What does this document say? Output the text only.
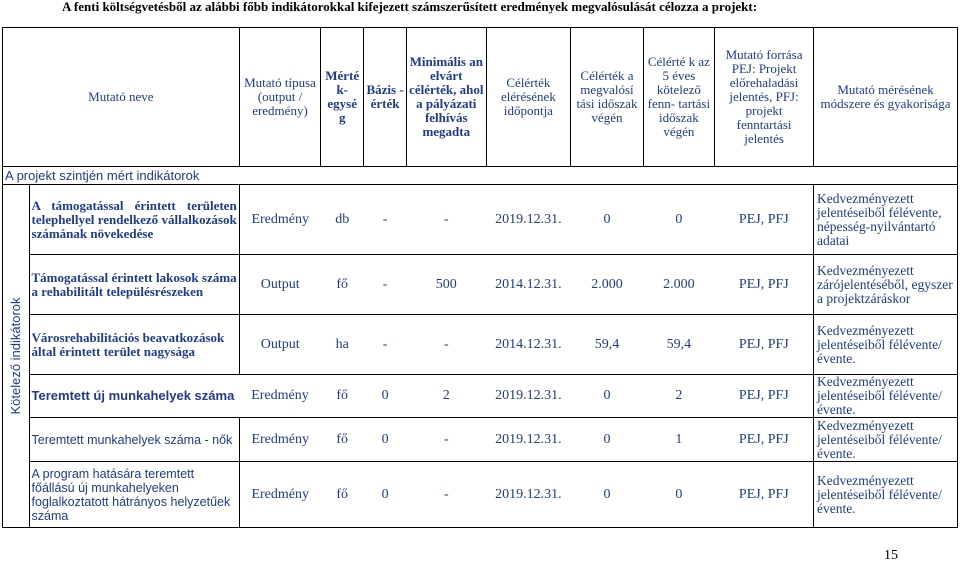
A fenti költségvetésből az alábbi főbb indikátorokkal kifejezett számszerűsített eredmények megvalósulását célozza a projekt:
Mutató neve		Mutató típusa (output / eredmény)	Mérté k- egysé g	Bázis - érték	Minimális an elvárt célérték, ahol a pályázati felhívás megadta	Célérték elérésének időpontja	Célérték a megvalósí tási időszak végén	Célérté k az 5 éves kötelező fenn- tartási időszak végén	Mutató forrása PEJ: Projekt előrehaladási jelentés, PFJ: projekt fenntartási jelentés	Mutató mérésének módszere és gyakorisága
A projekt szintjén mért indikátorok										

Kötelező indikátorok	A támogatással érintett területen telephellyel rendelkező vállalkozások számának növekedése	Eredmény	db	-	-	2019.12.31.	0	0	PEJ, PFJ	Kedvezményezett jelentéseiből félévente, népesség-nyilvántartó adatai
	Támogatással érintett lakosok száma a rehabilitált településrészeken	Output	fő	-	500	2014.12.31.	2.000	2.000	PEJ, PFJ	Kedvezményezett zárójelentéséből, egyszer a projektzáráskor
	Városrehabilitációs beavatkozások által érintett terület nagysága	Output	ha	-	-	2014.12.31.	59,4	59,4	PEJ, PFJ	Kedvezményezett jelentéseiből félévente/ évente.
	Teremtett új munkahelyek száma	Eredmény	fő	0	2	2019.12.31.	0	2	PEJ, PFJ	Kedvezményezett jelentéseiből félévente/ évente.
	Teremtett munkahelyek száma - nők	Eredmény	fő	0	-	2019.12.31.	0	1	PEJ, PFJ	Kedvezményezett jelentéseiből félévente/ évente.
	A program hatására teremtett főállású új munkahelyeken foglalkoztatott hátrányos helyzetűek száma	Eredmény	fő	0	-	2019.12.31.	0	0	PEJ, PFJ	Kedvezményezett jelentéseiből félévente/ évente.
15
